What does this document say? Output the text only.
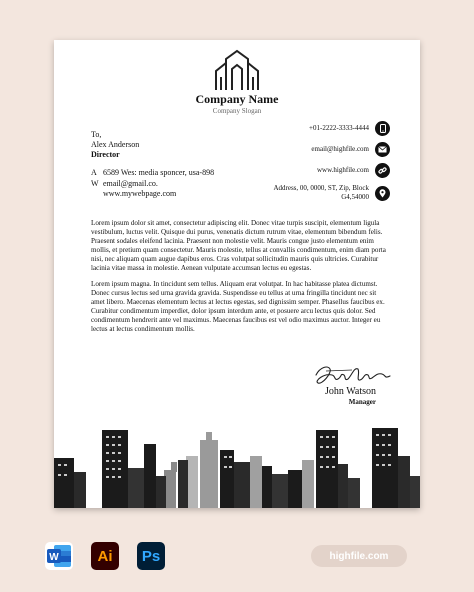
Company Name
Company Slogan
To,
Alex Anderson
Director
A 6589 Wes: media sponcer, usa-898
W email@gmail.co.
www.mywebpage.com
+01-2222-3333-4444
email@highfile.com
www.highfile.com
Address, 00, 0000, ST, Zip, Block
G4,54000

Lorem ipsum dolor sit amet, consectetur adipiscing elit. Donec vitae turpis suscipit, elementum ligula vestibulum, luctus velit. Quisque dui purus, venenatis dictum rutrum vitae, elementum bibendum felis. Praesent sodales eleifend lacinia. Praesent non molestie velit. Mauris congue justo elementum enim mollis, et pretium quam consectetur. Mauris molestie, tellus at convallis condimentum, enim diam porta nisi, nec aliquam quam augue dapibus eros. Cras volutpat sollicitudin mauris quis ultricies. Curabitur lacinia vitae massa in molestie. Aenean vulputate accumsan lectus eu egestas.

Lorem ipsum magna. In tincidunt sem tellus. Aliquam erat volutpat. In hac habitasse platea dictumst. Donec cursus lectus sed urna gravida gravida. Suspendisse eu tellus at urna fringilla tincidunt nec sit amet libero. Maecenas elementum lectus at lectus egestas, sed dignissim semper. Phasellus faucibus ex. Curabitur condimentum imperdiet, dolor ipsum interdum ante, et posuere arcu lectus quis dolor. Sed condimentum hendrerit ante vel maximus. Maecenas faucibus est vel odio maximus auctor. Integer eu lectus at lectus condimentum mollis.

John Watson
Manager
W	Ai Ps	highfile.com
